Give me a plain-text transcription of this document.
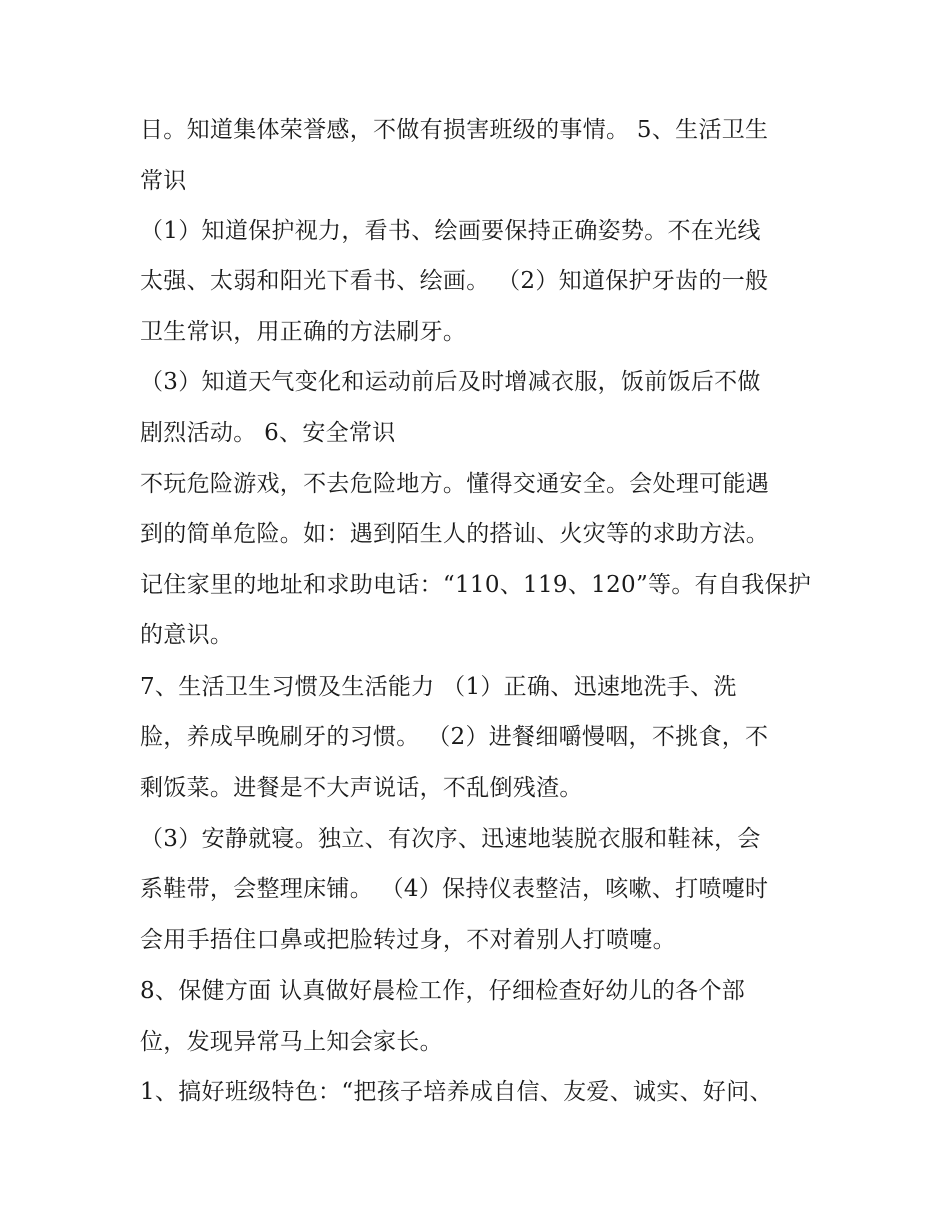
日。知道集体荣誉感，不做有损害班级的事情。 5、生活卫生
常识
（1）知道保护视力，看书、绘画要保持正确姿势。不在光线
太强、太弱和阳光下看书、绘画。 （2）知道保护牙齿的一般
卫生常识，用正确的方法刷牙。
（3）知道天气变化和运动前后及时增减衣服，饭前饭后不做
剧烈活动。 6、安全常识
不玩危险游戏，不去危险地方。懂得交通安全。会处理可能遇
到的简单危险。如：遇到陌生人的搭讪、火灾等的求助方法。
记住家里的地址和求助电话：“110、119、120”等。有自我保护
的意识。
7、生活卫生习惯及生活能力 （1）正确、迅速地洗手、洗
脸，养成早晚刷牙的习惯。 （2）进餐细嚼慢咽，不挑食，不
剩饭菜。进餐是不大声说话，不乱倒残渣。
（3）安静就寝。独立、有次序、迅速地装脱衣服和鞋袜，会
系鞋带，会整理床铺。 （4）保持仪表整洁，咳嗽、打喷嚏时
会用手捂住口鼻或把脸转过身，不对着别人打喷嚏。
8、保健方面 认真做好晨检工作，仔细检查好幼儿的各个部
位，发现异常马上知会家长。
1、搞好班级特色：“把孩子培养成自信、友爱、诚实、好问、
